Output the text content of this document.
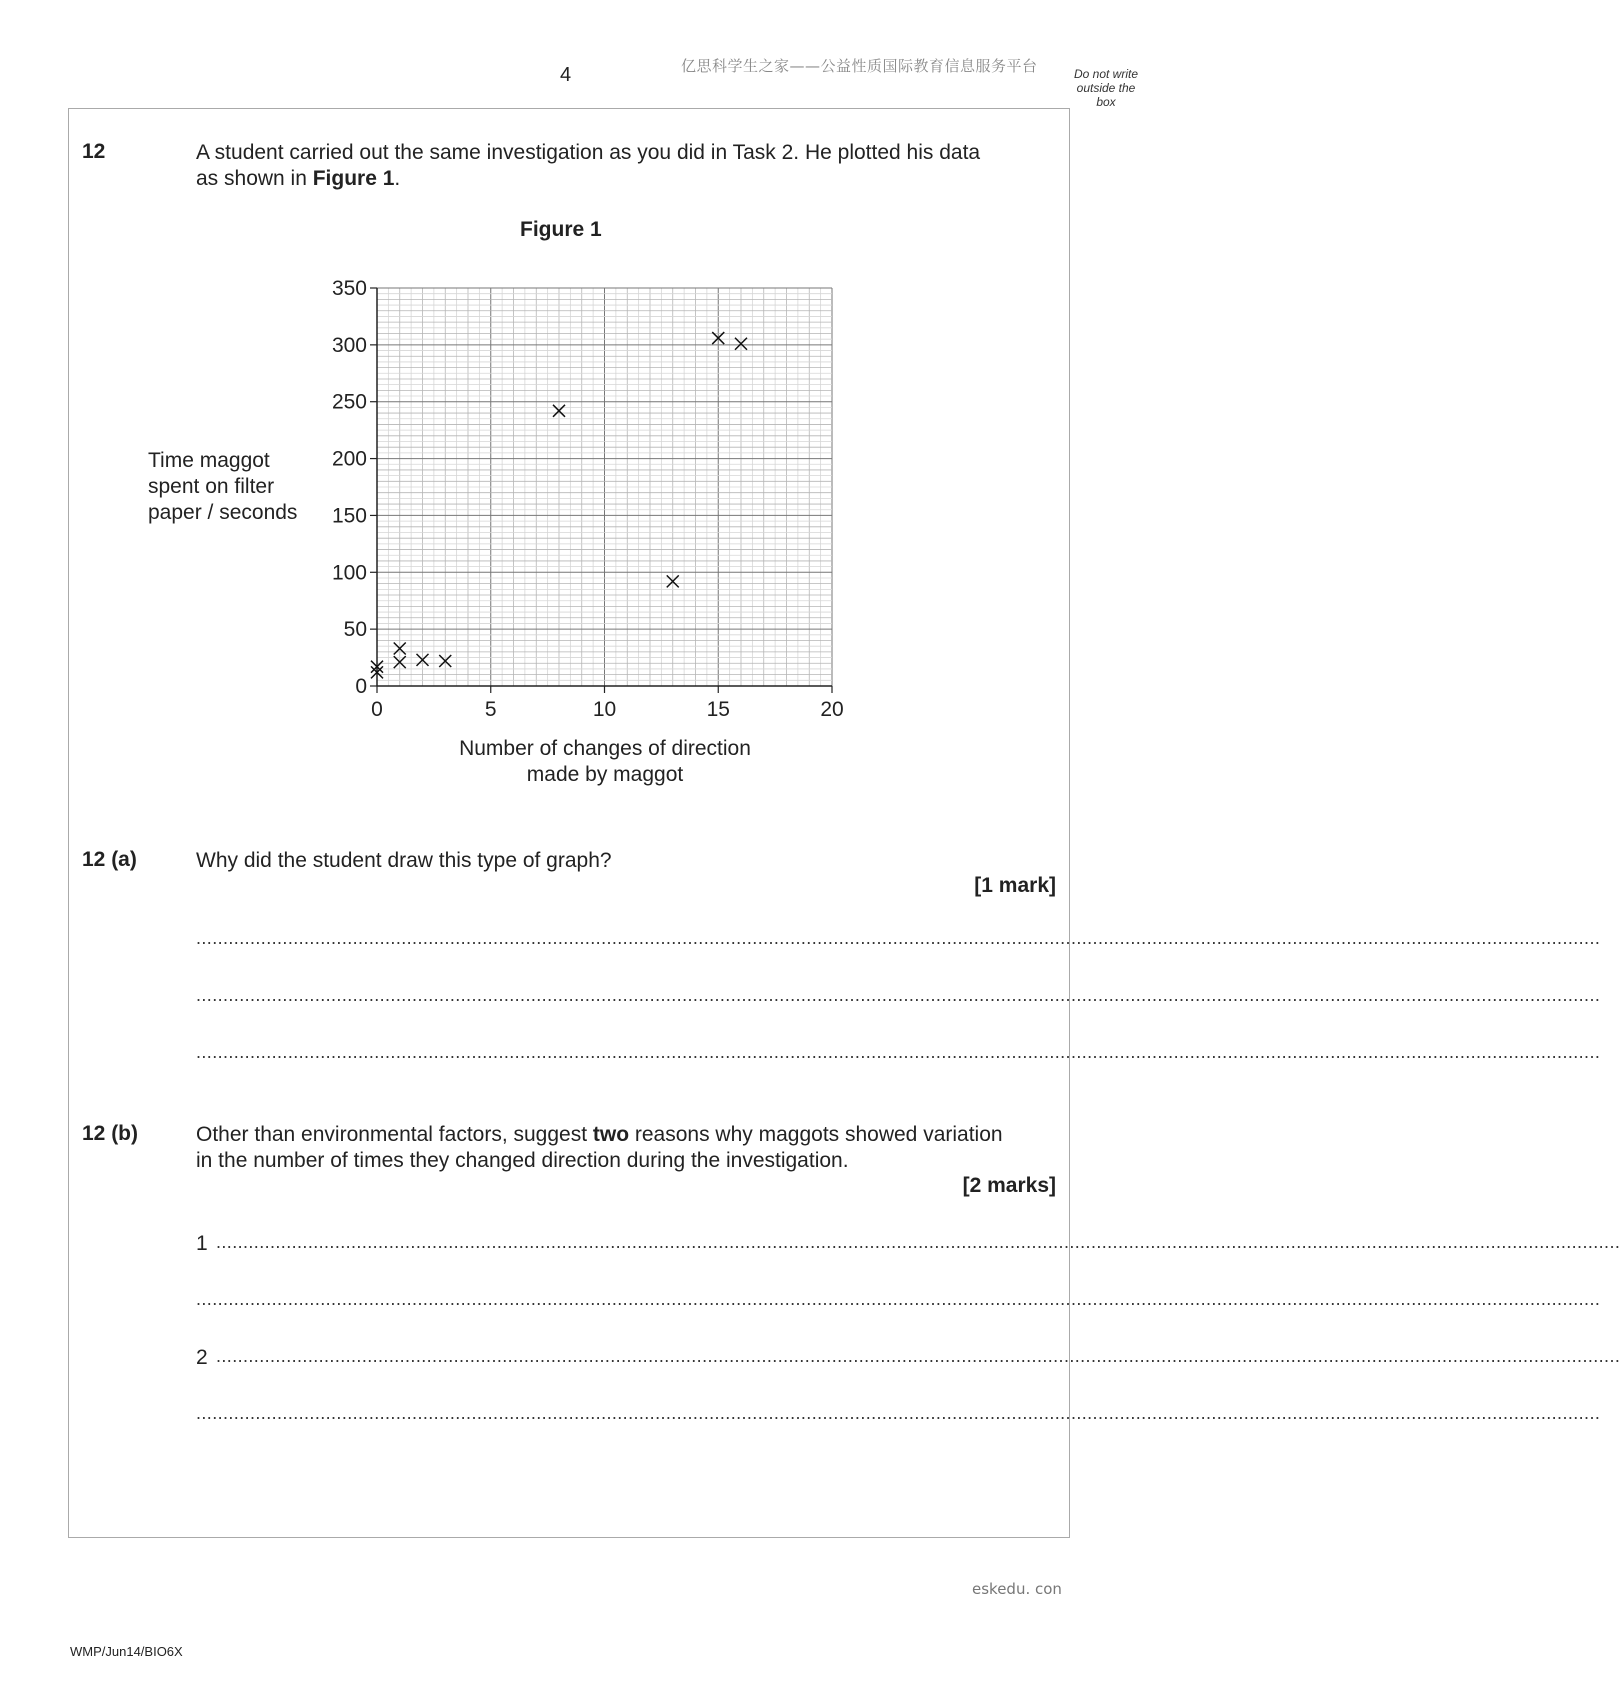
4	亿思科学生之家——公益性质国际教育信息服务平台	Do not write outside the box
12	A student carried out the same investigation as you did in Task 2. He plotted his data
as shown in Figure 1.
Figure 1
Time maggot
spent on filter
paper / seconds
0
50
100
150
200
250
300
350
0	5	10	15	20
Number of changes of direction
made by maggot
12 (a)	Why did the student draw this type of graph?
[1 mark]
....................................................................................................................................................................................................................................................................
....................................................................................................................................................................................................................................................................
....................................................................................................................................................................................................................................................................
12 (b)	Other than environmental factors, suggest two reasons why maggots showed variation
in the number of times they changed direction during the investigation.
[2 marks]
1 ....................................................................................................................................................................................................................................................................
....................................................................................................................................................................................................................................................................
2 ....................................................................................................................................................................................................................................................................
....................................................................................................................................................................................................................................................................
eskedu. con
WMP/Jun14/BIO6X
